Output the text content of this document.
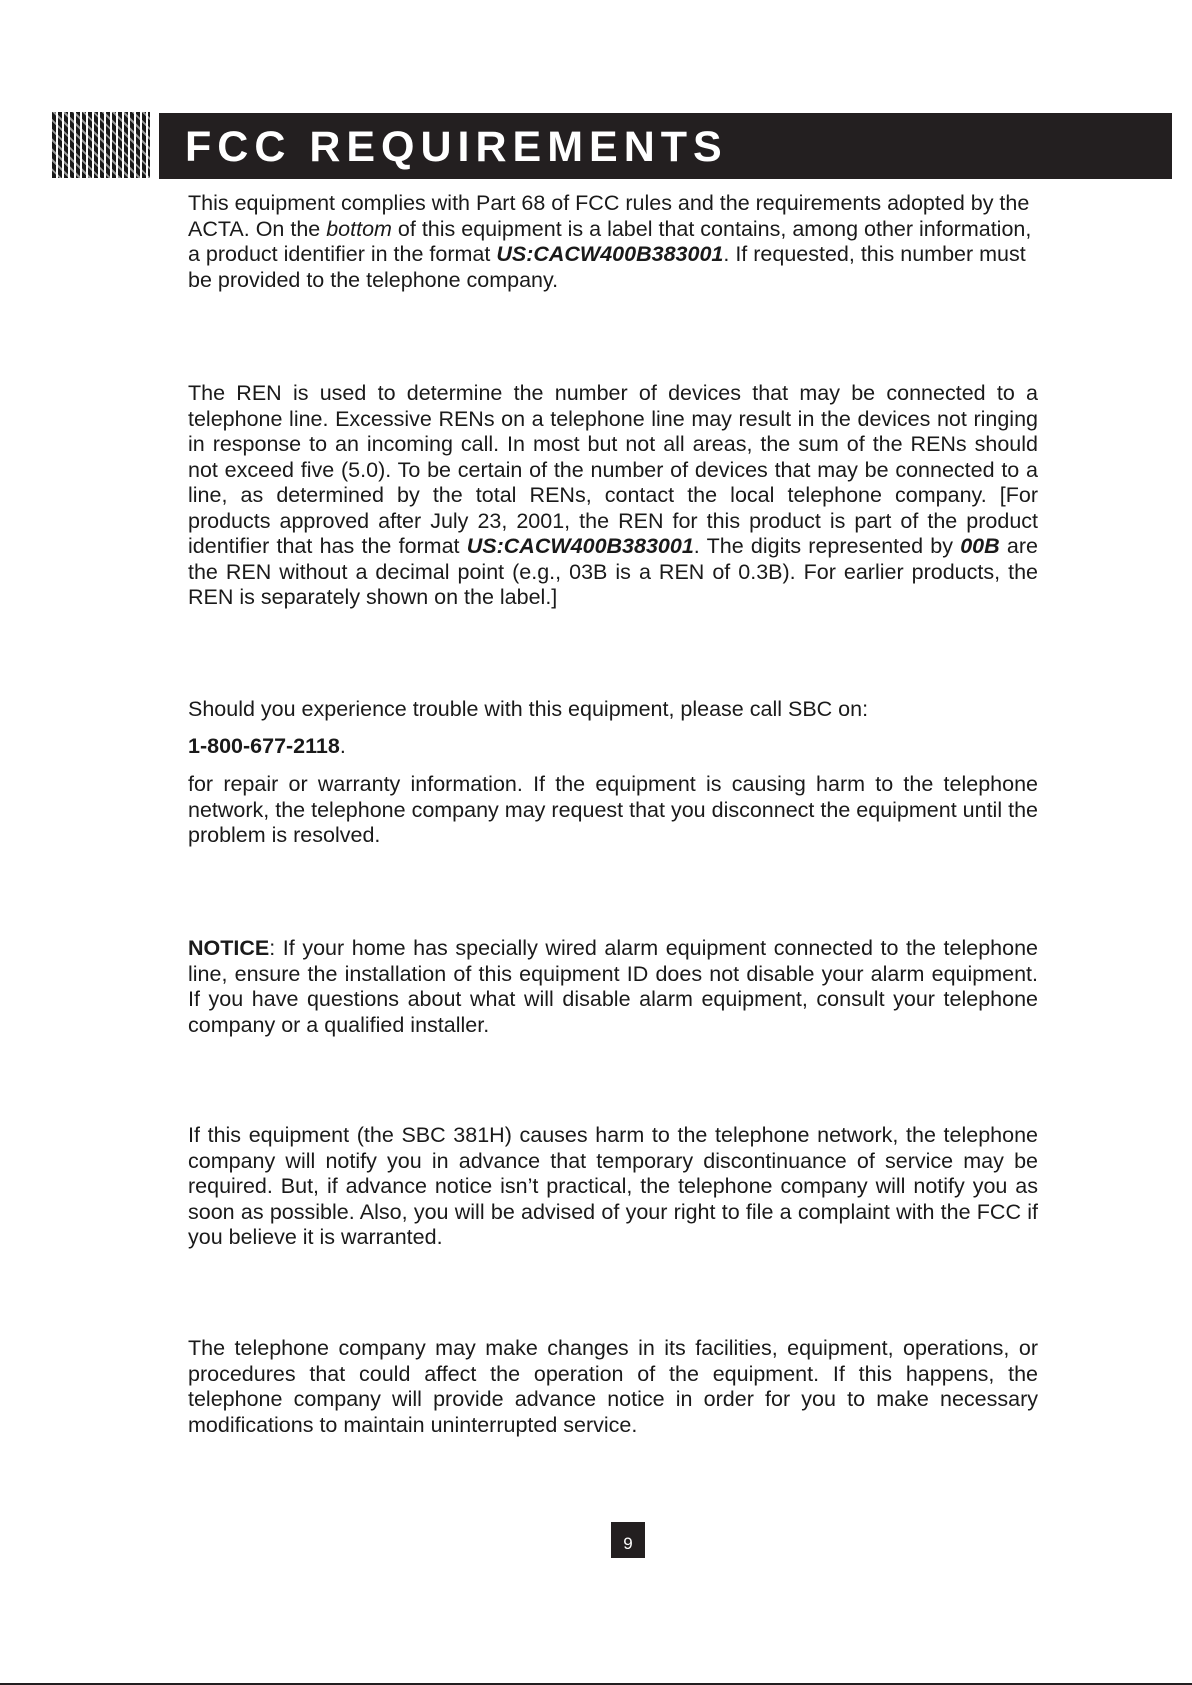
FCC REQUIREMENTS

This equipment complies with Part 68 of FCC rules and the requirements adopted by the ACTA. On the bottom of this equipment is a label that contains, among other information, a product identifier in the format US:CACW400B383001. If requested, this number must be provided to the telephone company.

The REN is used to determine the number of devices that may be connected to a telephone line. Excessive RENs on a telephone line may result in the devices not ringing in response to an incoming call. In most but not all areas, the sum of the RENs should not exceed five (5.0). To be certain of the number of devices that may be connected to a line, as determined by the total RENs, contact the local telephone company. [For products approved after July 23, 2001, the REN for this product is part of the product identifier that has the format US:CACW400B383001. The digits represented by 00B are the REN without a decimal point (e.g., 03B is a REN of 0.3B). For earlier products, the REN is separately shown on the label.]

Should you experience trouble with this equipment, please call SBC on:

1-800-677-2118.

for repair or warranty information. If the equipment is causing harm to the telephone network, the telephone company may request that you disconnect the equipment until the problem is resolved.

NOTICE: If your home has specially wired alarm equipment connected to the telephone line, ensure the installation of this equipment ID does not disable your alarm equipment. If you have questions about what will disable alarm equipment, consult your telephone company or a qualified installer.

If this equipment (the SBC 381H) causes harm to the telephone network, the telephone company will notify you in advance that temporary discontinuance of service may be required. But, if advance notice isn’t practical, the telephone company will notify you as soon as possible. Also, you will be advised of your right to file a complaint with the FCC if you believe it is warranted.

The telephone company may make changes in its facilities, equipment, operations, or procedures that could affect the operation of the equipment. If this happens, the telephone company will provide advance notice in order for you to make necessary modifications to maintain uninterrupted service.

9
